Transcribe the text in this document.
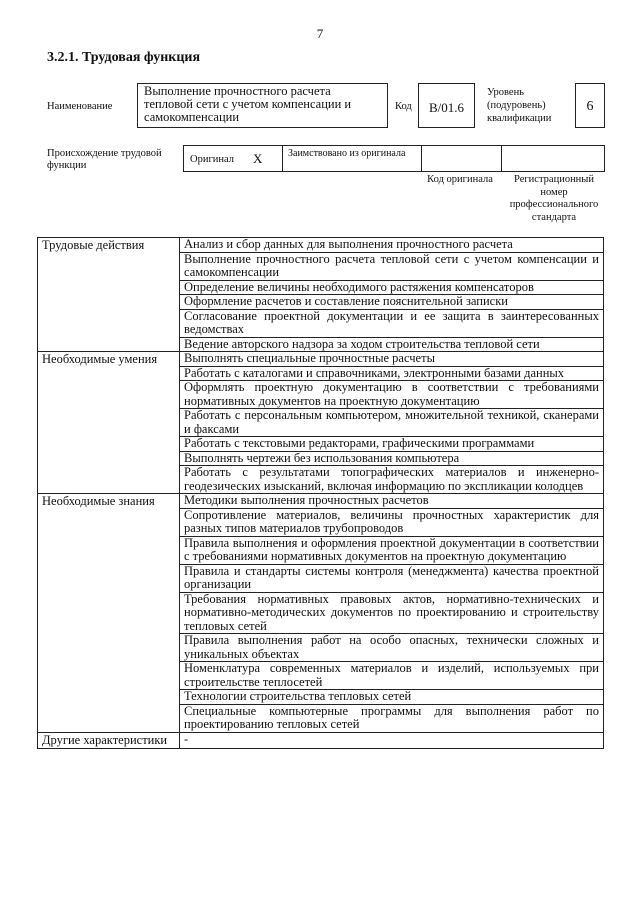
7
3.2.1. Трудовая функция
Наименование
Выполнение прочностного расчета тепловой сети с учетом компенсации и самокомпенсации
Код	B/01.6
Уровень (подуровень) квалификации
6
Происхождение трудовой функции
Оригинал X	Заимствовано из оригинала
Код оригинала	Регистрационный номер профессионального стандарта
Трудовые действия	Анализ и сбор данных для выполнения прочностного расчета
	Выполнение прочностного расчета тепловой сети с учетом компенсации и самокомпенсации
	Определение величины необходимого растяжения компенсаторов
	Оформление расчетов и составление пояснительной записки
	Согласование проектной документации и ее защита в заинтересованных ведомствах
	Ведение авторского надзора за ходом строительства тепловой сети
Необходимые умения	Выполнять специальные прочностные расчеты
	Работать с каталогами и справочниками, электронными базами данных
	Оформлять проектную документацию в соответствии с требованиями нормативных документов на проектную документацию
	Работать с персональным компьютером, множительной техникой, сканерами и факсами
	Работать с текстовыми редакторами, графическими программами
	Выполнять чертежи без использования компьютера
	Работать с результатами топографических материалов и инженерно-геодезических изысканий, включая информацию по экспликации колодцев
Необходимые знания	Методики выполнения прочностных расчетов
	Сопротивление материалов, величины прочностных характеристик для разных типов материалов трубопроводов
	Правила выполнения и оформления проектной документации в соответствии с требованиями нормативных документов на проектную документацию
	Правила и стандарты системы контроля (менеджмента) качества проектной организации
	Требования нормативных правовых актов, нормативно-технических и нормативно-методических документов по проектированию и строительству тепловых сетей
	Правила выполнения работ на особо опасных, технически сложных и уникальных объектах
	Номенклатура современных материалов и изделий, используемых при строительстве теплосетей
	Технологии строительства тепловых сетей
	Специальные компьютерные программы для выполнения работ по проектированию тепловых сетей
Другие характеристики	-
